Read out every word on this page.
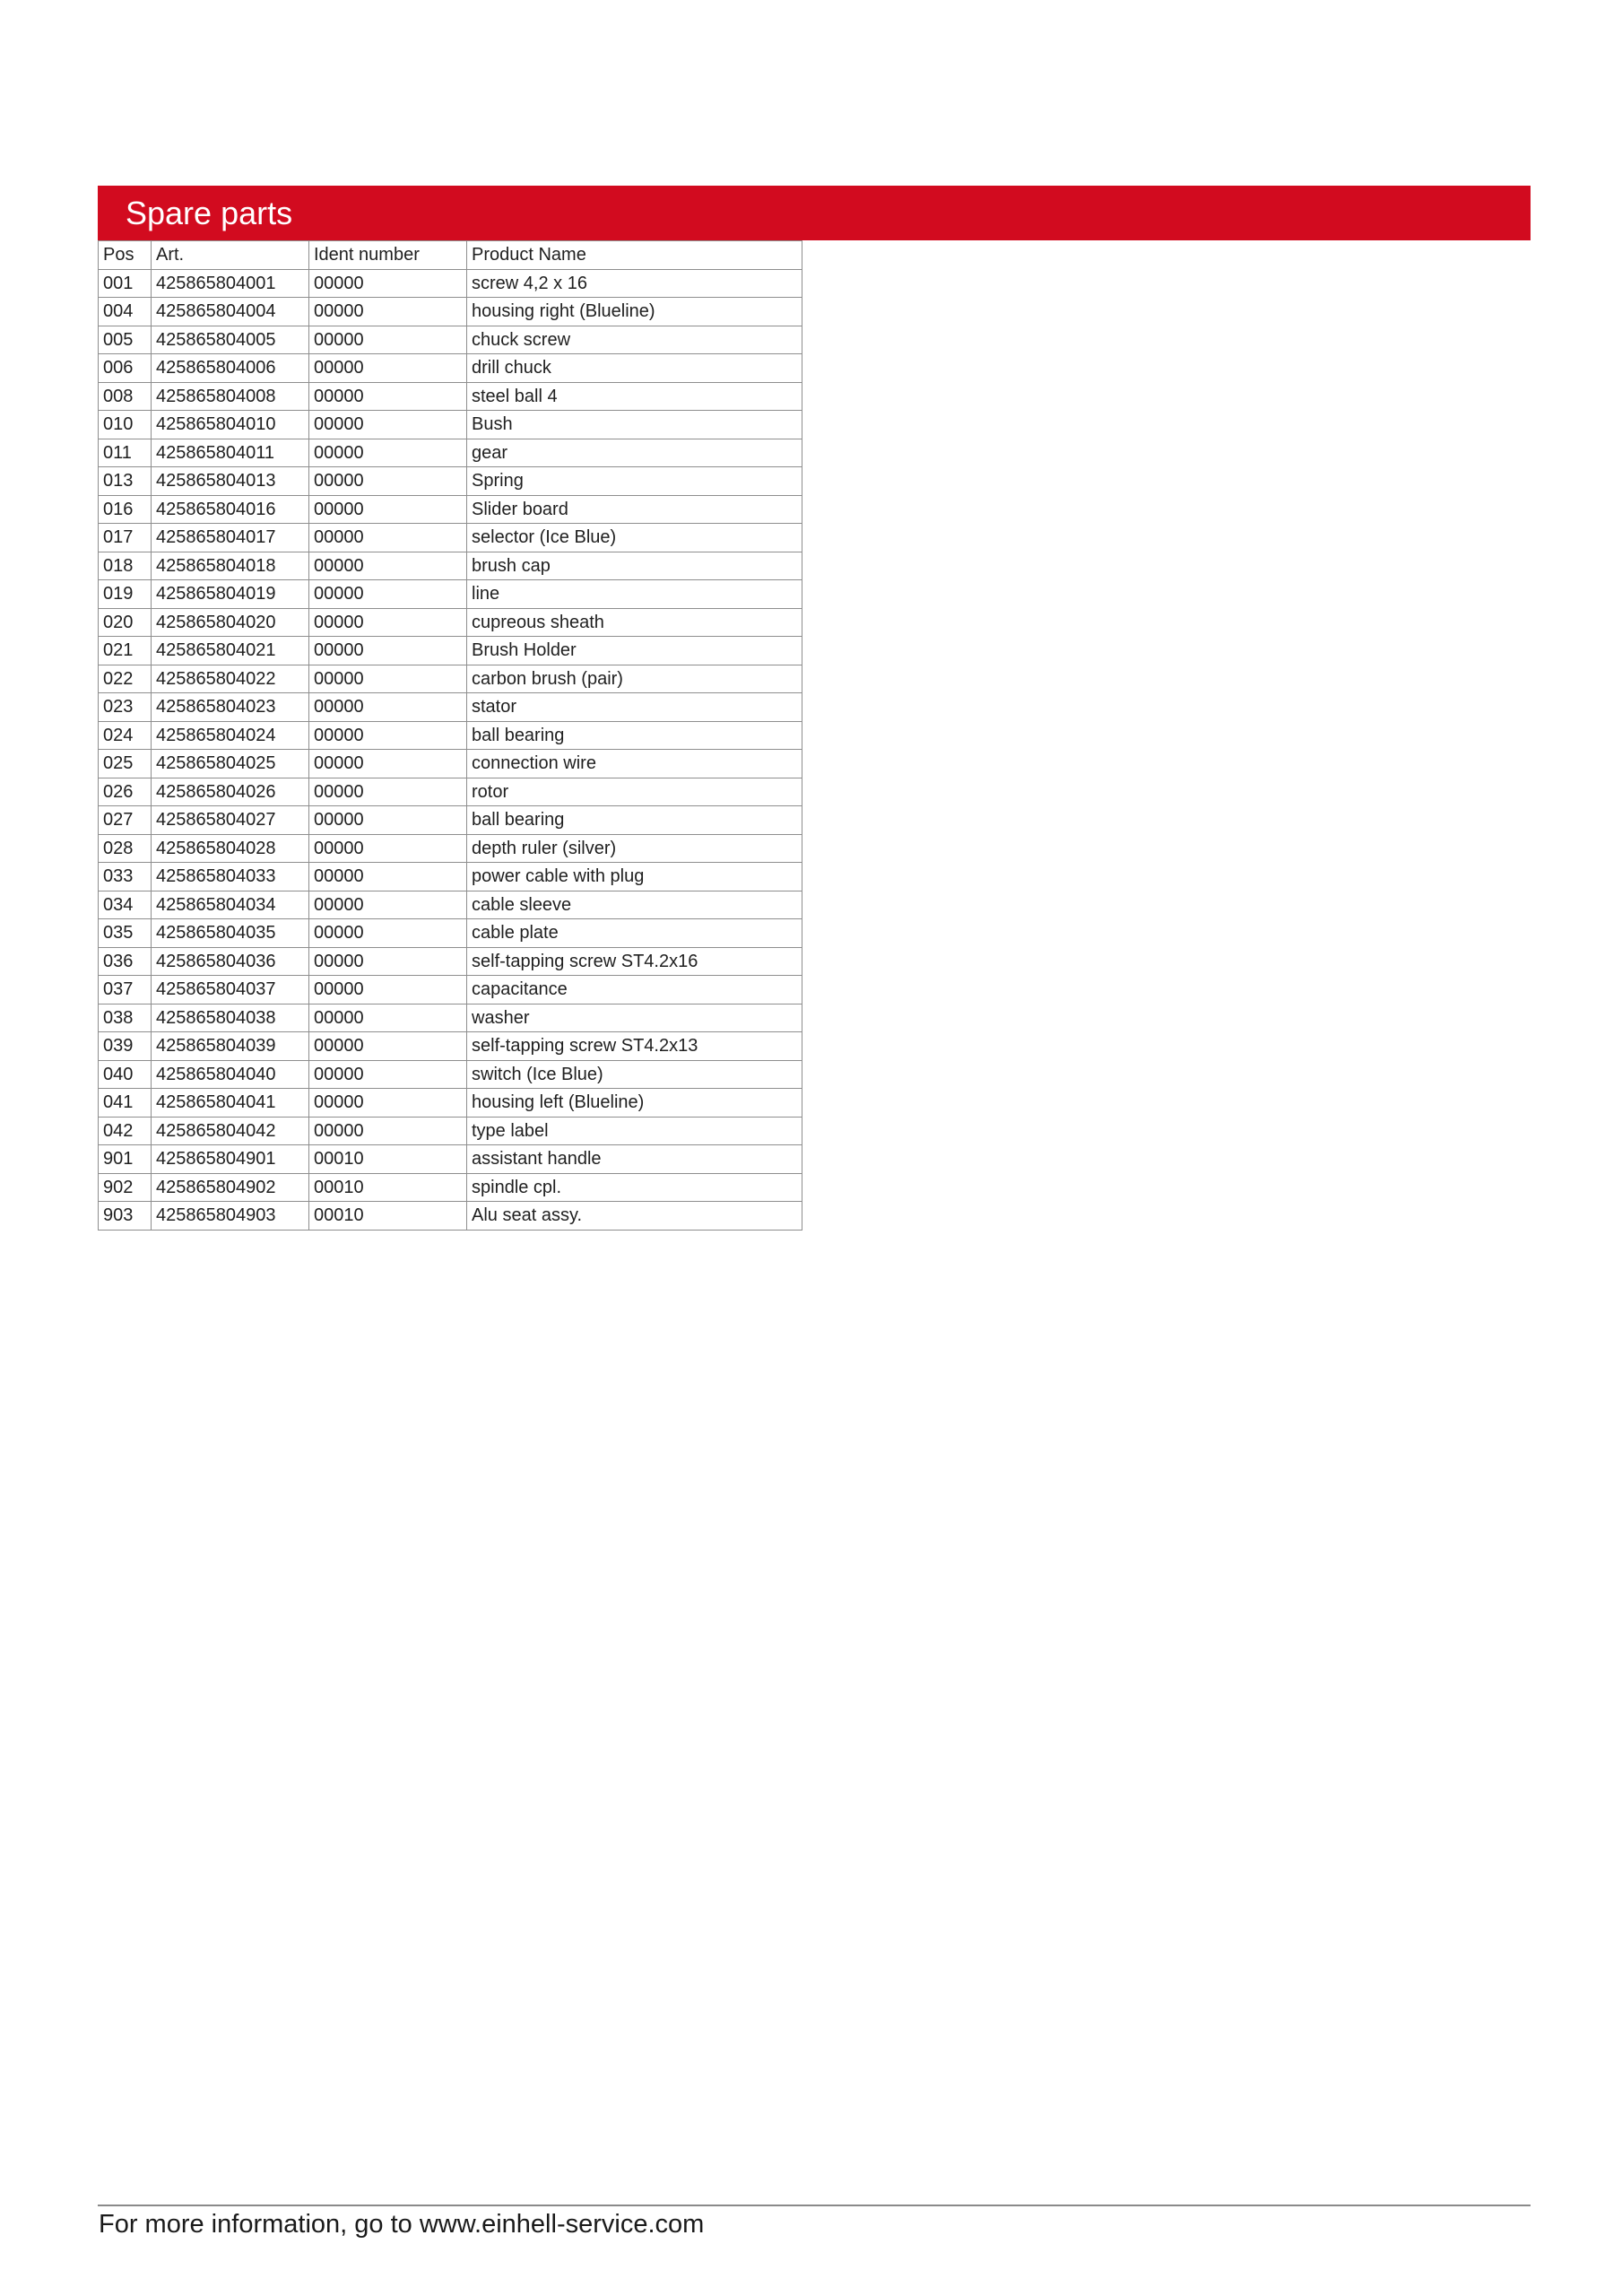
Spare parts
Pos	Art.	Ident number	Product Name
001	425865804001	00000	screw 4,2 x 16
004	425865804004	00000	housing right (Blueline)
005	425865804005	00000	chuck screw
006	425865804006	00000	drill chuck
008	425865804008	00000	steel ball 4
010	425865804010	00000	Bush
011	425865804011	00000	gear
013	425865804013	00000	Spring
016	425865804016	00000	Slider board
017	425865804017	00000	selector (Ice Blue)
018	425865804018	00000	brush cap
019	425865804019	00000	line
020	425865804020	00000	cupreous sheath
021	425865804021	00000	Brush Holder
022	425865804022	00000	carbon brush (pair)
023	425865804023	00000	stator
024	425865804024	00000	ball bearing
025	425865804025	00000	connection wire
026	425865804026	00000	rotor
027	425865804027	00000	ball bearing
028	425865804028	00000	depth ruler (silver)
033	425865804033	00000	power cable with plug
034	425865804034	00000	cable sleeve
035	425865804035	00000	cable plate
036	425865804036	00000	self-tapping screw ST4.2x16
037	425865804037	00000	capacitance
038	425865804038	00000	washer
039	425865804039	00000	self-tapping screw ST4.2x13
040	425865804040	00000	switch (Ice Blue)
041	425865804041	00000	housing left (Blueline)
042	425865804042	00000	type label
901	425865804901	00010	assistant handle
902	425865804902	00010	spindle cpl.
903	425865804903	00010	Alu seat assy.
For more information, go to www.einhell-service.com
